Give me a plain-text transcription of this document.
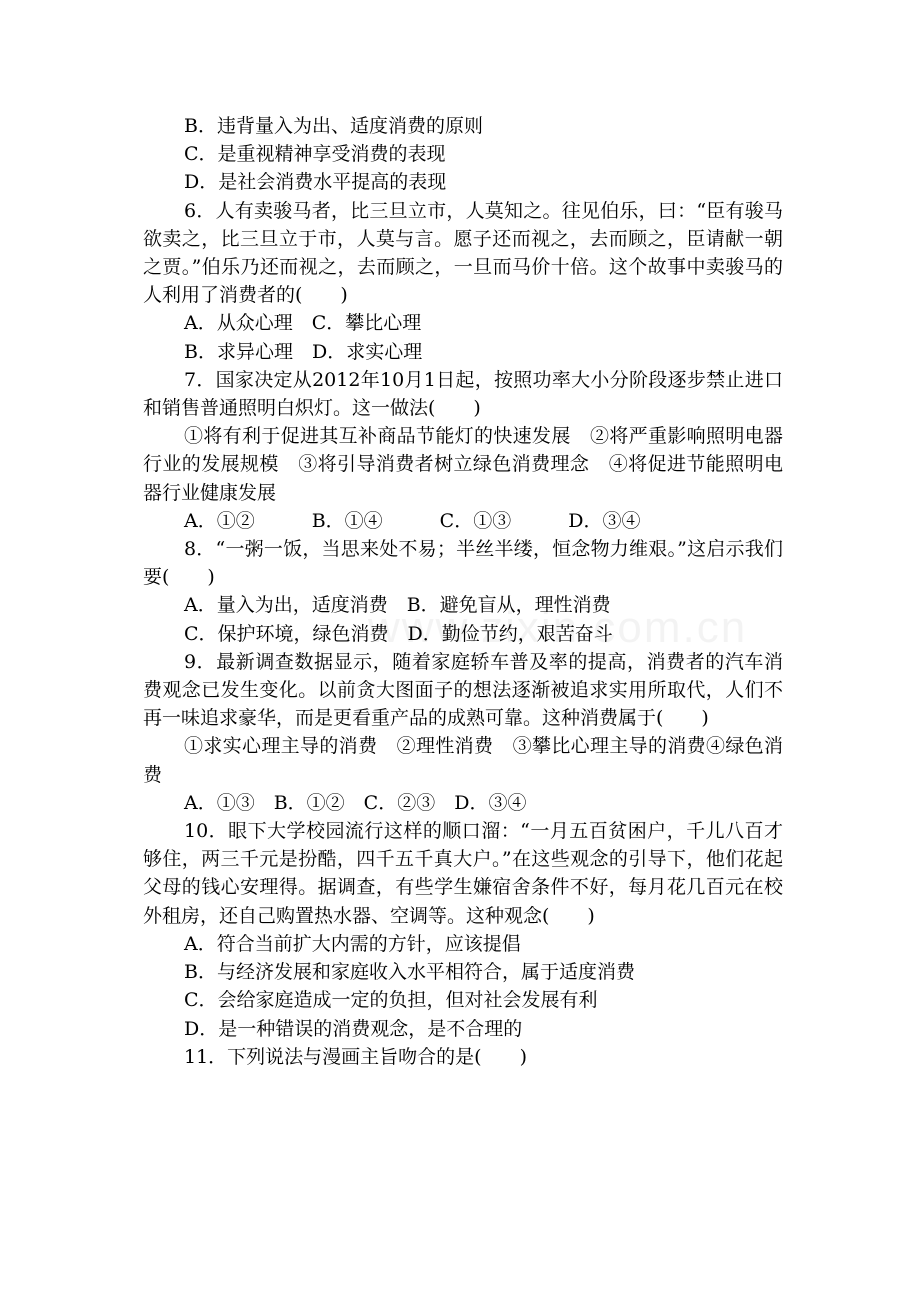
B．违背量入为出、适度消费的原则

C．是重视精神享受消费的表现

D．是社会消费水平提高的表现

6．人有卖骏马者，比三旦立市，人莫知之。往见伯乐，曰：“臣有骏马欲卖之，比三旦立于市，人莫与言。愿子还而视之，去而顾之，臣请献一朝之贾。”伯乐乃还而视之，去而顾之，一旦而马价十倍。这个故事中卖骏马的人利用了消费者的(　　)

A．从众心理　C．攀比心理

B．求异心理　D．求实心理

7．国家决定从2012年10月1日起，按照功率大小分阶段逐步禁止进口和销售普通照明白炽灯。这一做法(　　)

①将有利于促进其互补商品节能灯的快速发展　②将严重影响照明电器行业的发展规模　③将引导消费者树立绿色消费理念　④将促进节能照明电器行业健康发展

A．①②　　　B．①④　　　C．①③　　　D．③④

8．“一粥一饭，当思来处不易；半丝半缕，恒念物力维艰。”这启示我们要(　　)

A．量入为出，适度消费　B．避免盲从，理性消费

C．保护环境，绿色消费　D．勤俭节约，艰苦奋斗

9．最新调查数据显示，随着家庭轿车普及率的提高，消费者的汽车消费观念已发生变化。以前贪大图面子的想法逐渐被追求实用所取代，人们不再一味追求豪华，而是更看重产品的成熟可靠。这种消费属于(　　)

①求实心理主导的消费　②理性消费　③攀比心理主导的消费④绿色消费

A．①③　B．①②　C．②③　D．③④

10．眼下大学校园流行这样的顺口溜：“一月五百贫困户，千儿八百才够住，两三千元是扮酷，四千五千真大户。”在这些观念的引导下，他们花起父母的钱心安理得。据调查，有些学生嫌宿舍条件不好，每月花几百元在校外租房，还自己购置热水器、空调等。这种观念(　　)

A．符合当前扩大内需的方针，应该提倡

B．与经济发展和家庭收入水平相符合，属于适度消费

C．会给家庭造成一定的负担，但对社会发展有利

D．是一种错误的消费观念，是不合理的

11．下列说法与漫画主旨吻合的是(　　)
